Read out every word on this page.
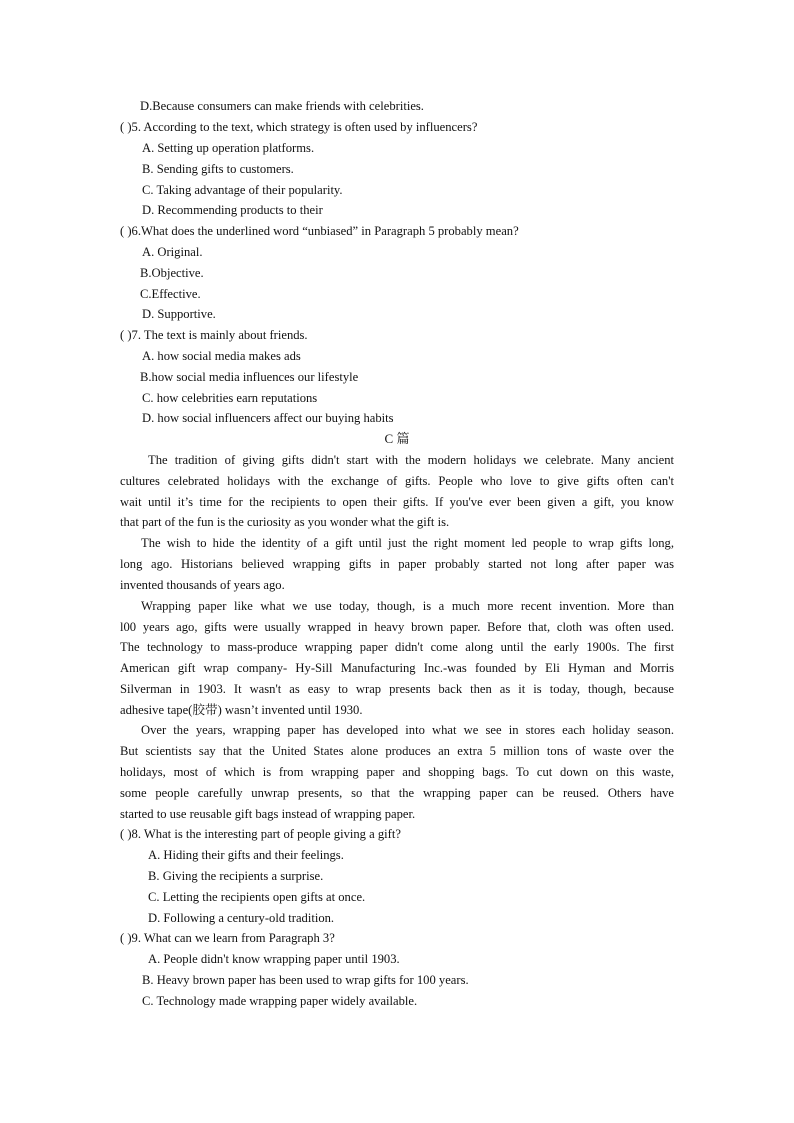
D.Because consumers can make friends with celebrities.
( )5. According to the text, which strategy is often used by influencers?
A. Setting up operation platforms.
B. Sending gifts to customers.
C. Taking advantage of their popularity.
D. Recommending products to their
( )6.What does the underlined word “unbiased” in Paragraph 5 probably mean?
A. Original.
B.Objective.
C.Effective.
D. Supportive.
( )7. The text is mainly about friends.
A. how social media makes ads
B.how social media influences our lifestyle
C. how celebrities earn reputations
D. how social influencers affect our buying habits
C 篇
The tradition of giving gifts didn't start with the modern holidays we celebrate. Many ancient
cultures celebrated holidays with the exchange of gifts. People who love to give gifts often can't
wait until it’s time for the recipients to open their gifts. If you've ever been given a gift, you know
that part of the fun is the curiosity as you wonder what the gift is.
The wish to hide the identity of a gift until just the right moment led people to wrap gifts long,
long ago. Historians believed wrapping gifts in paper probably started not long after paper was
invented thousands of years ago.
Wrapping paper like what we use today, though, is a much more recent invention. More than
l00 years ago, gifts were usually wrapped in heavy brown paper. Before that, cloth was often used.
The technology to mass-produce wrapping paper didn't come along until the early 1900s. The first
American gift wrap company- Hy-Sill Manufacturing Inc.-was founded by Eli Hyman and Morris
Silverman in 1903. It wasn't as easy to wrap presents back then as it is today, though, because
adhesive tape(胶带) wasn’t invented until 1930.
Over the years, wrapping paper has developed into what we see in stores each holiday season.
But scientists say that the United States alone produces an extra 5 million tons of waste over the
holidays, most of which is from wrapping paper and shopping bags. To cut down on this waste,
some people carefully unwrap presents, so that the wrapping paper can be reused. Others have
started to use reusable gift bags instead of wrapping paper.
( )8. What is the interesting part of people giving a gift?
A. Hiding their gifts and their feelings.
B. Giving the recipients a surprise.
C. Letting the recipients open gifts at once.
D. Following a century-old tradition.
( )9. What can we learn from Paragraph 3?
A. People didn't know wrapping paper until 1903.
B. Heavy brown paper has been used to wrap gifts for 100 years.
C. Technology made wrapping paper widely available.
